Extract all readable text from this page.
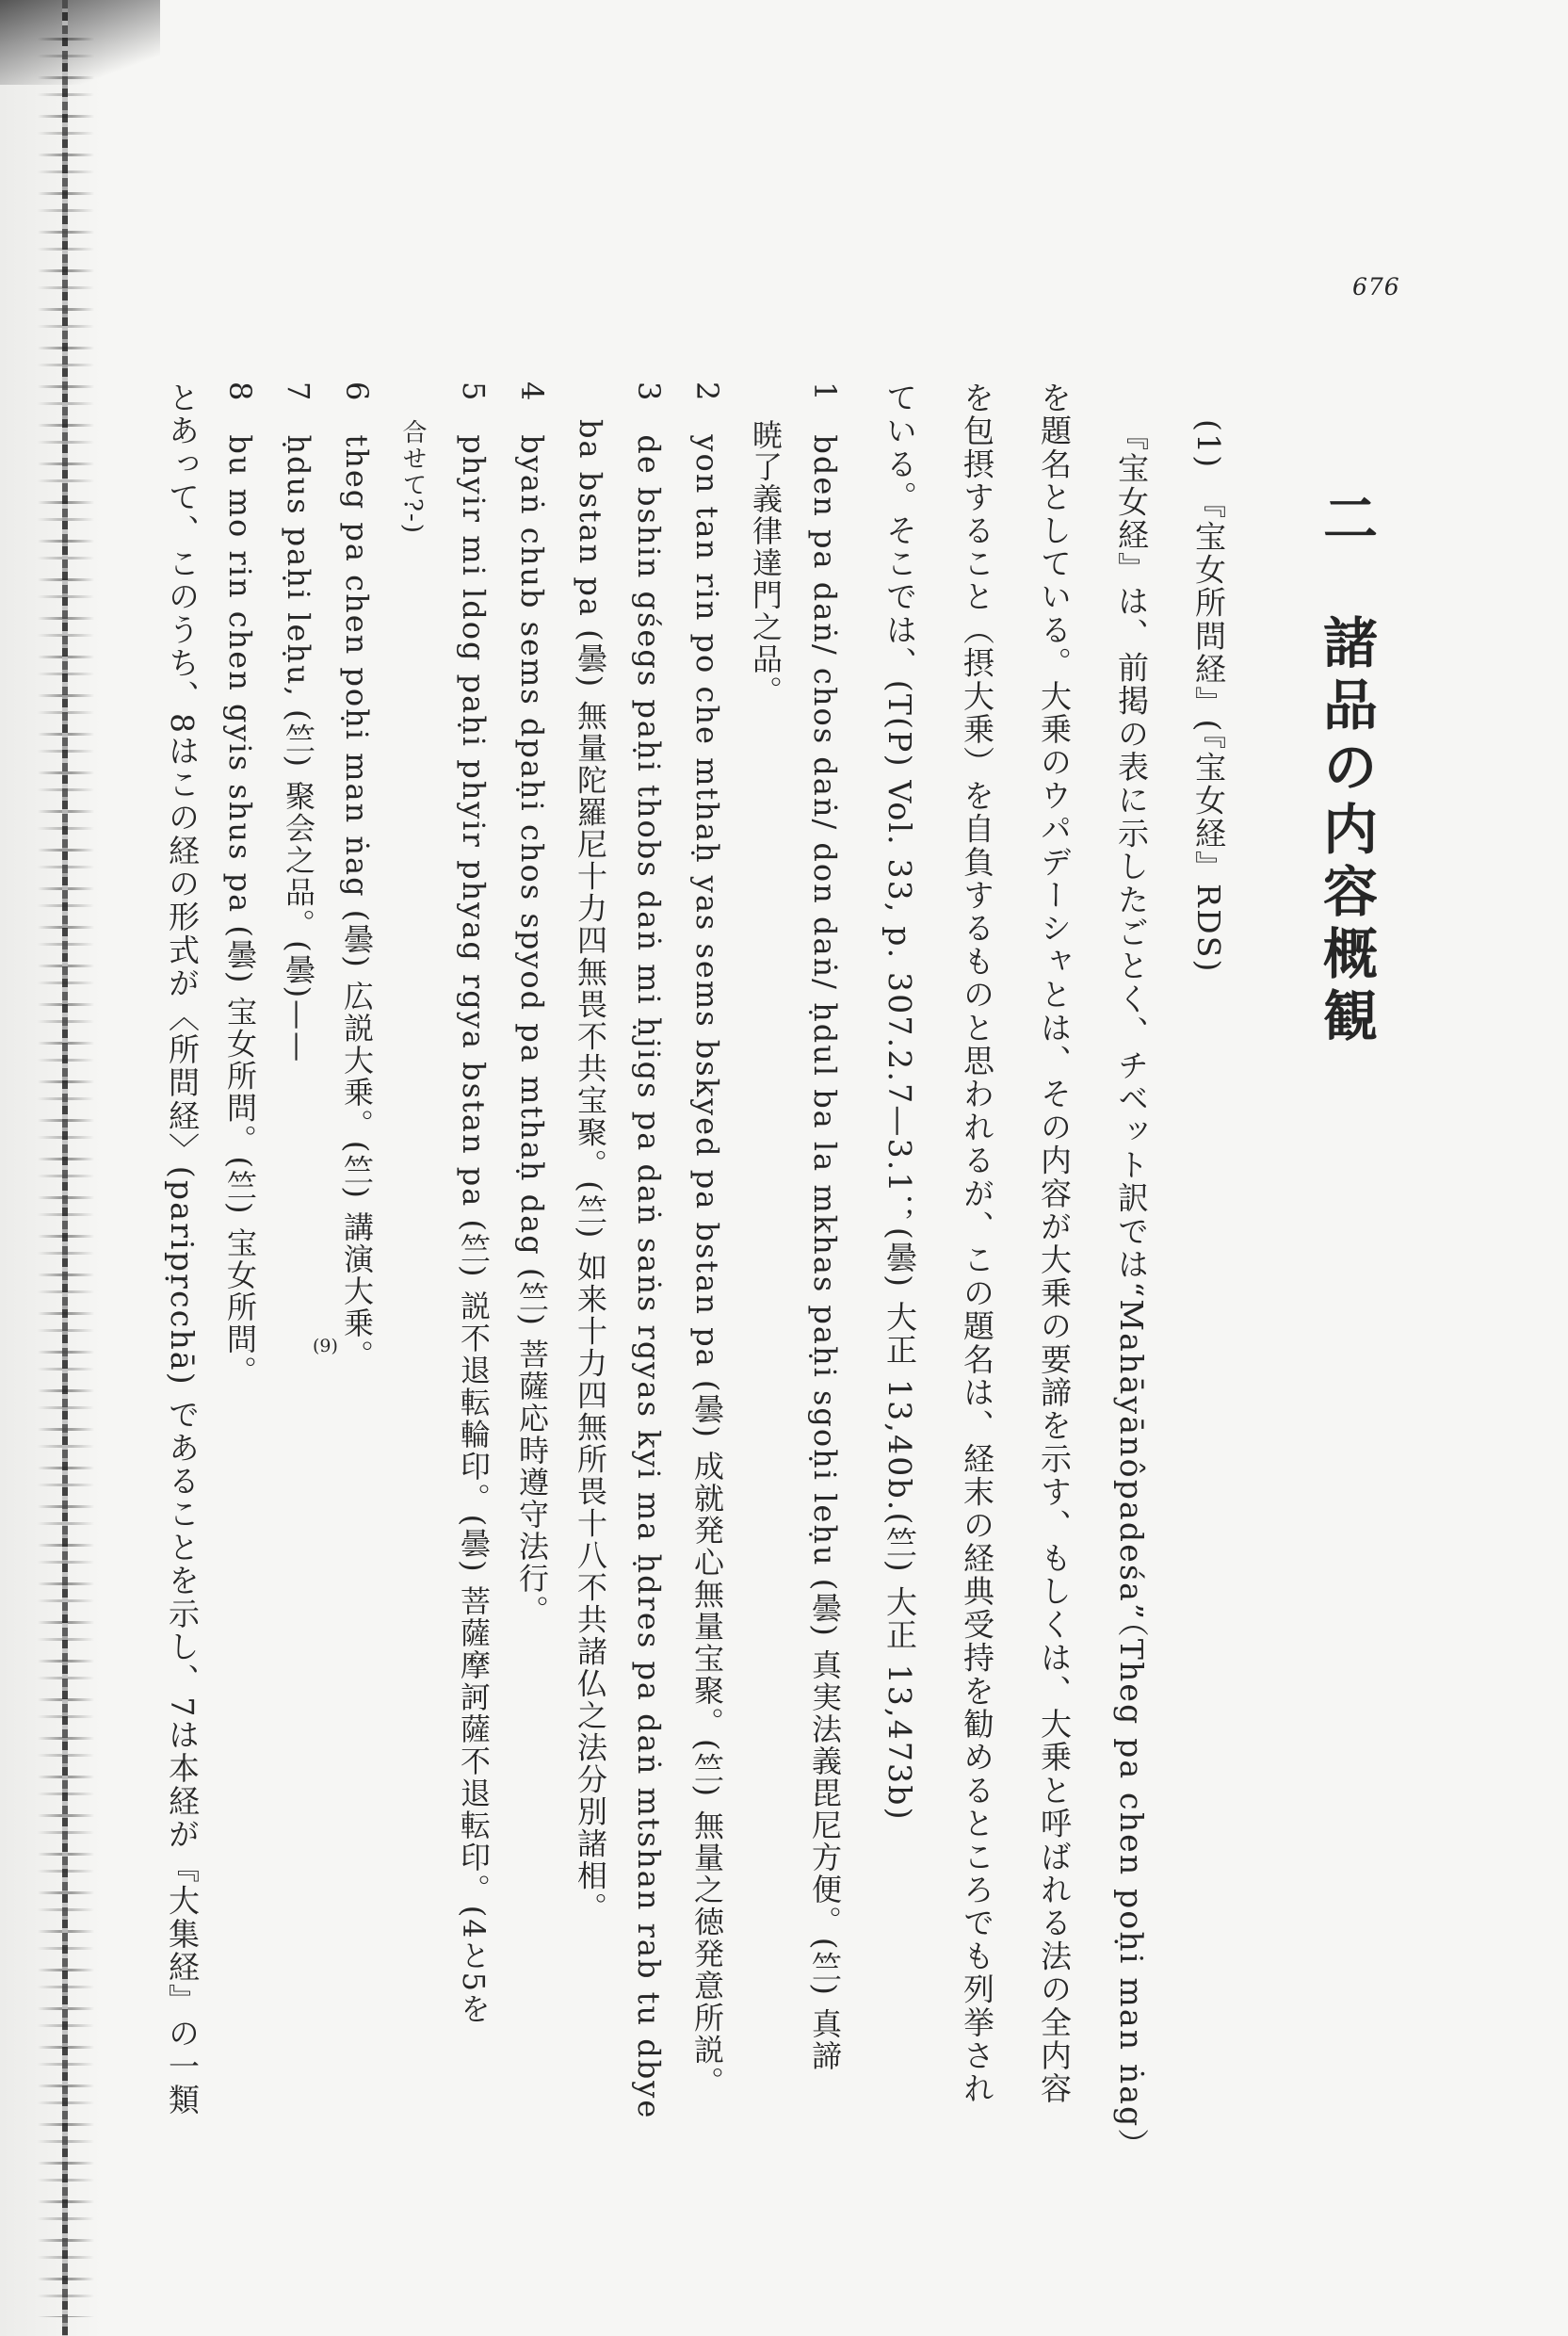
676
二　諸品の内容概観
(1)　『宝女所問経』(『宝女経』RDS)
『宝女経』は、前掲の表に示したごとく、チベット訳では“Mahāyānôpadeśa”（Theg pa chen poḥi man ṅag）
を題名としている。大乗のウパデーシャとは、その内容が大乗の要諦を示す、もしくは、大乗と呼ばれる法の全内容
を包摂すること（摂大乗）を自負するものと思われるが、この題名は、経末の経典受持を勧めるところでも列挙され
ている。そこでは、(T(P) Vol. 33, p. 307.2.7—3.1；(曇) 大正 13,40b.(竺) 大正 13,473b)
1　bden pa daṅ/ chos daṅ/ don daṅ/ ḥdul ba la mkhas paḥi sgoḥi leḥu (曇) 真実法義毘尼方便。(竺) 真諦
暁了義律達門之品。
2　yon tan rin po che mthaḥ yas sems bskyed pa bstan pa (曇) 成就発心無量宝聚。(竺) 無量之徳発意所説。
3　de bshin gśegs paḥi thobs daṅ mi ḥjigs pa daṅ saṅs rgyas kyi ma ḥdres pa daṅ mtshan rab tu dbye
ba bstan pa (曇) 無量陀羅尼十力四無畏不共宝聚。(竺) 如来十力四無所畏十八不共諸仏之法分別諸相。
4　byaṅ chub sems dpaḥi chos spyod pa mthaḥ dag (竺) 菩薩応時遵守法行。
5　phyir mi ldog paḥi phyir phyag rgya bstan pa (竺) 説不退転輪印。(曇) 菩薩摩訶薩不退転印。(4と5を
合せて?-)
6　theg pa chen poḥi man ṅag (曇) 広説大乗。(竺) 講演大乗。
7　ḥdus paḥi leḥu, (竺) 聚会之品。(曇)——
8　bu mo rin chen gyis shus pa (曇) 宝女所問。(竺) 宝女所問。
とあって、このうち、8はこの経の形式が〈所問経〉(paripṛcchā) であることを示し、7は本経が『大集経』の一類	(9)
